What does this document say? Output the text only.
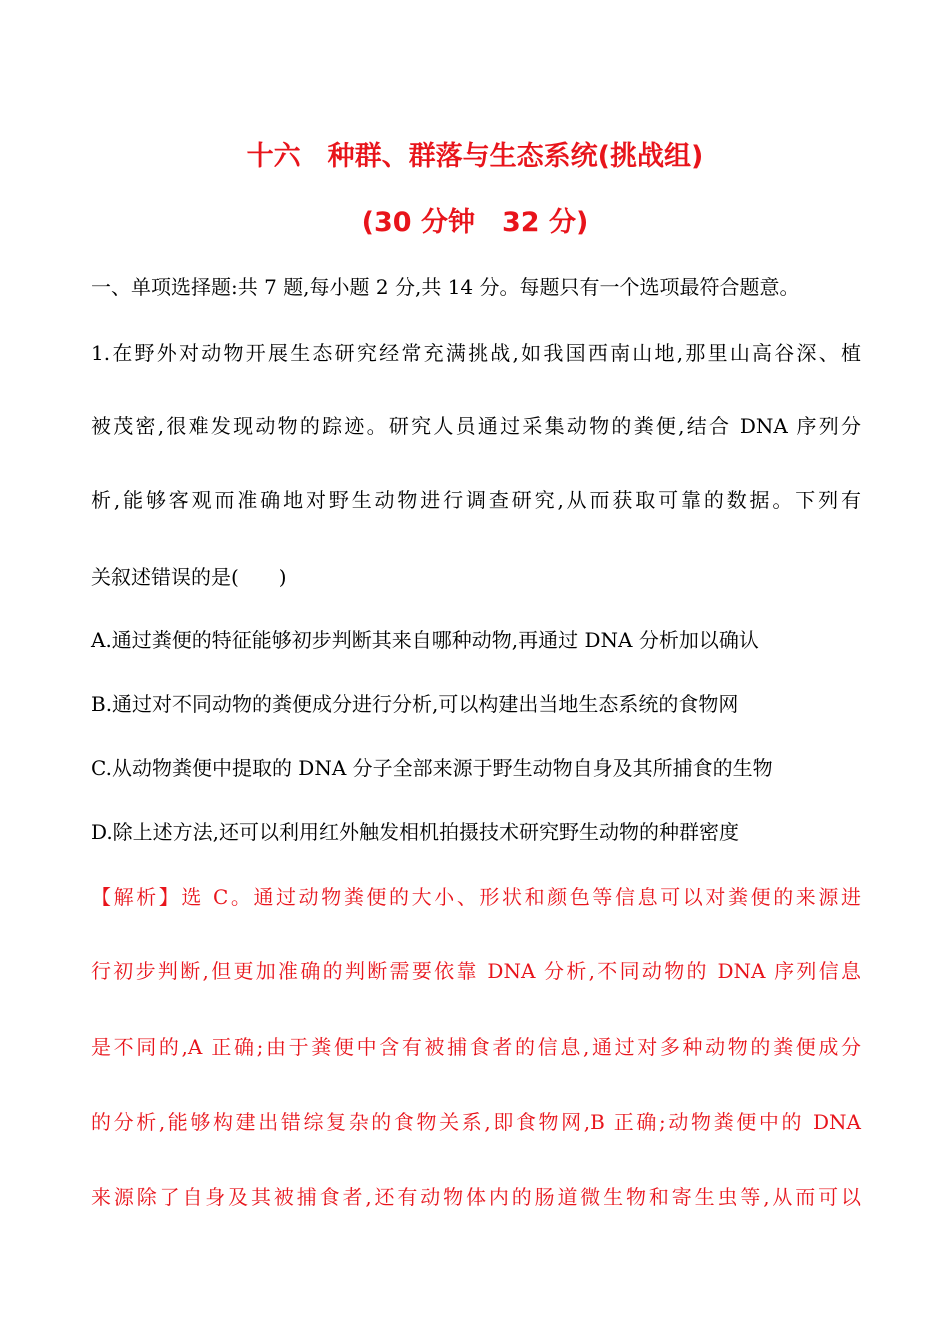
十六　种群、群落与生态系统(挑战组)
(30 分钟　32 分)
一、单项选择题:共 7 题,每小题 2 分,共 14 分。每题只有一个选项最符合题意。
1.在野外对动物开展生态研究经常充满挑战,如我国西南山地,那里山高谷深、植
被茂密,很难发现动物的踪迹。研究人员通过采集动物的粪便,结合 DNA 序列分
析,能够客观而准确地对野生动物进行调查研究,从而获取可靠的数据。下列有
关叙述错误的是(　　)
A.通过粪便的特征能够初步判断其来自哪种动物,再通过 DNA 分析加以确认
B.通过对不同动物的粪便成分进行分析,可以构建出当地生态系统的食物网
C.从动物粪便中提取的 DNA 分子全部来源于野生动物自身及其所捕食的生物
D.除上述方法,还可以利用红外触发相机拍摄技术研究野生动物的种群密度
【解析】选 C。通过动物粪便的大小、形状和颜色等信息可以对粪便的来源进
行初步判断,但更加准确的判断需要依靠 DNA 分析,不同动物的 DNA 序列信息
是不同的,A 正确;由于粪便中含有被捕食者的信息,通过对多种动物的粪便成分
的分析,能够构建出错综复杂的食物关系,即食物网,B 正确;动物粪便中的 DNA
来源除了自身及其被捕食者,还有动物体内的肠道微生物和寄生虫等,从而可以
